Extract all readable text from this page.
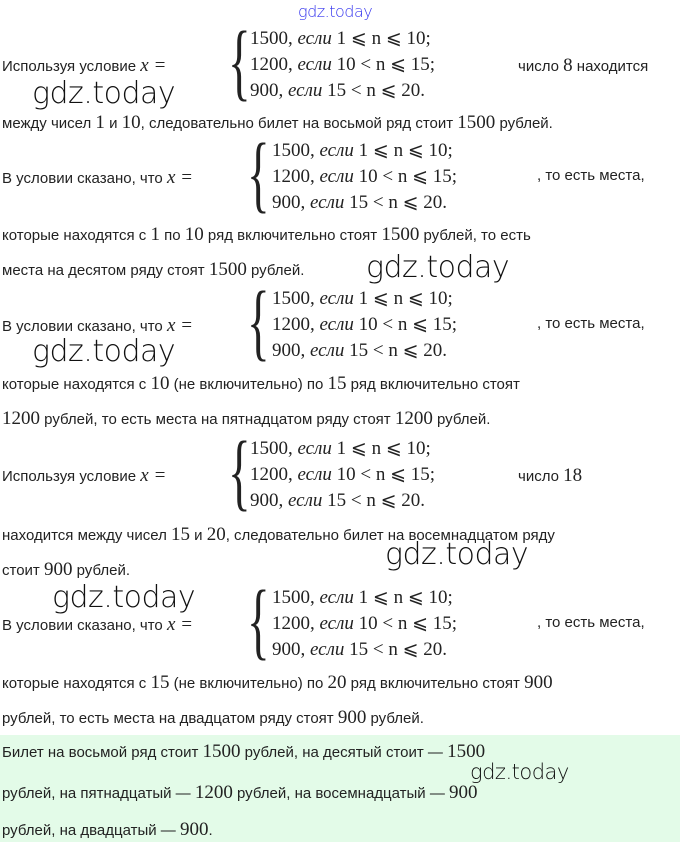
gdz.today
Используя условие x = { 1500, если 1 ⩽ n ⩽ 10;
1200, если 10 < n ⩽ 15;
900, если 15 < n ⩽ 20.
число 8 находится
gdz.today
между чисел 1 и 10, следовательно билет на восьмой ряд стоит 1500 рублей.
В условии сказано, что x = { 1500, если 1 ⩽ n ⩽ 10;
1200, если 10 < n ⩽ 15;
900, если 15 < n ⩽ 20.
, то есть места,
которые находятся с 1 по 10 ряд включительно стоят 1500 рублей, то есть
места на десятом ряду стоят 1500 рублей. gdz.today
В условии сказано, что x = { 1500, если 1 ⩽ n ⩽ 10;
1200, если 10 < n ⩽ 15;
900, если 15 < n ⩽ 20.
, то есть места,
gdz.today
которые находятся с 10 (не включительно) по 15 ряд включительно стоят
1200 рублей, то есть места на пятнадцатом ряду стоят 1200 рублей.
Используя условие x = { 1500, если 1 ⩽ n ⩽ 10;
1200, если 10 < n ⩽ 15;
900, если 15 < n ⩽ 20.
число 18
находится между чисел 15 и 20, следовательно билет на восемнадцатом ряду
стоит 900 рублей.	gdz.today
gdz.today
В условии сказано, что x = { 1500, если 1 ⩽ n ⩽ 10;
1200, если 10 < n ⩽ 15;
900, если 15 < n ⩽ 20.
, то есть места,
которые находятся с 15 (не включительно) по 20 ряд включительно стоят 900
рублей, то есть места на двадцатом ряду стоят 900 рублей.
Билет на восьмой ряд стоит 1500 рублей, на десятый стоит — 1500
gdz.today
рублей, на пятнадцатый — 1200 рублей, на восемнадцатый — 900
рублей, на двадцатый — 900.
